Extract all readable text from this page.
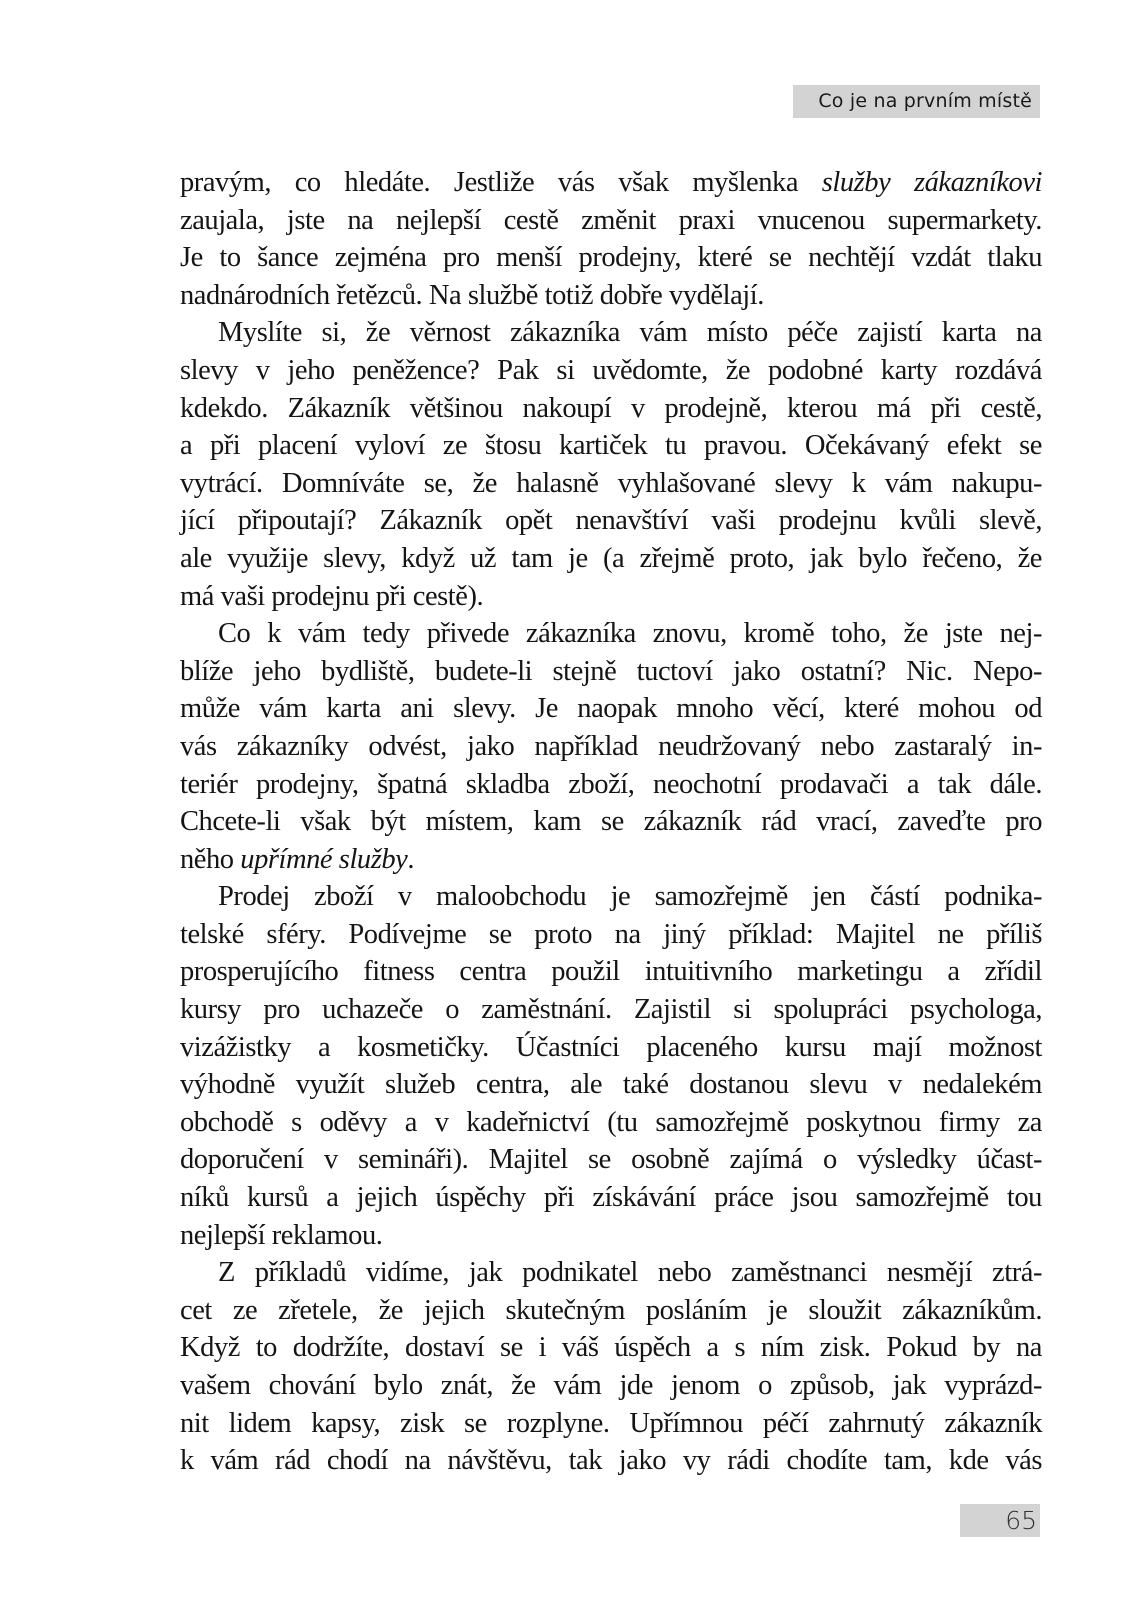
Co je na prvním místě
pravým, co hledáte. Jestliže vás však myšlenka služby zákazníkovi
zaujala, jste na nejlepší cestě změnit praxi vnucenou supermarkety.
Je to šance zejména pro menší prodejny, které se nechtějí vzdát tlaku
nadnárodních řetězců. Na službě totiž dobře vydělají.
Myslíte si, že věrnost zákazníka vám místo péče zajistí karta na
slevy v jeho peněžence? Pak si uvědomte, že podobné karty rozdává
kdekdo. Zákazník většinou nakoupí v prodejně, kterou má při cestě,
a při placení vyloví ze štosu kartiček tu pravou. Očekávaný efekt se
vytrácí. Domníváte se, že halasně vyhlašované slevy k vám nakupu-
jící připoutají? Zákazník opět nenavštíví vaši prodejnu kvůli slevě,
ale využije slevy, když už tam je (a zřejmě proto, jak bylo řečeno, že
má vaši prodejnu při cestě).
Co k vám tedy přivede zákazníka znovu, kromě toho, že jste nej-
blíže jeho bydliště, budete-li stejně tuctoví jako ostatní? Nic. Nepo-
může vám karta ani slevy. Je naopak mnoho věcí, které mohou od
vás zákazníky odvést, jako například neudržovaný nebo zastaralý in-
teriér prodejny, špatná skladba zboží, neochotní prodavači a tak dále.
Chcete-li však být místem, kam se zákazník rád vrací, zaveďte pro
něho upřímné služby.
Prodej zboží v maloobchodu je samozřejmě jen částí podnika-
telské sféry. Podívejme se proto na jiný příklad: Majitel ne příliš
prosperujícího fitness centra použil intuitivního marketingu a zřídil
kursy pro uchazeče o zaměstnání. Zajistil si spolupráci psychologa,
vizážistky a kosmetičky. Účastníci placeného kursu mají možnost
výhodně využít služeb centra, ale také dostanou slevu v nedalekém
obchodě s oděvy a v kadeřnictví (tu samozřejmě poskytnou firmy za
doporučení v semináři). Majitel se osobně zajímá o výsledky účast-
níků kursů a jejich úspěchy při získávání práce jsou samozřejmě tou
nejlepší reklamou.
Z příkladů vidíme, jak podnikatel nebo zaměstnanci nesmějí ztrá-
cet ze zřetele, že jejich skutečným posláním je sloužit zákazníkům.
Když to dodržíte, dostaví se i váš úspěch a s ním zisk. Pokud by na
vašem chování bylo znát, že vám jde jenom o způsob, jak vyprázd-
nit lidem kapsy, zisk se rozplyne. Upřímnou péčí zahrnutý zákazník
k vám rád chodí na návštěvu, tak jako vy rádi chodíte tam, kde vás
65
